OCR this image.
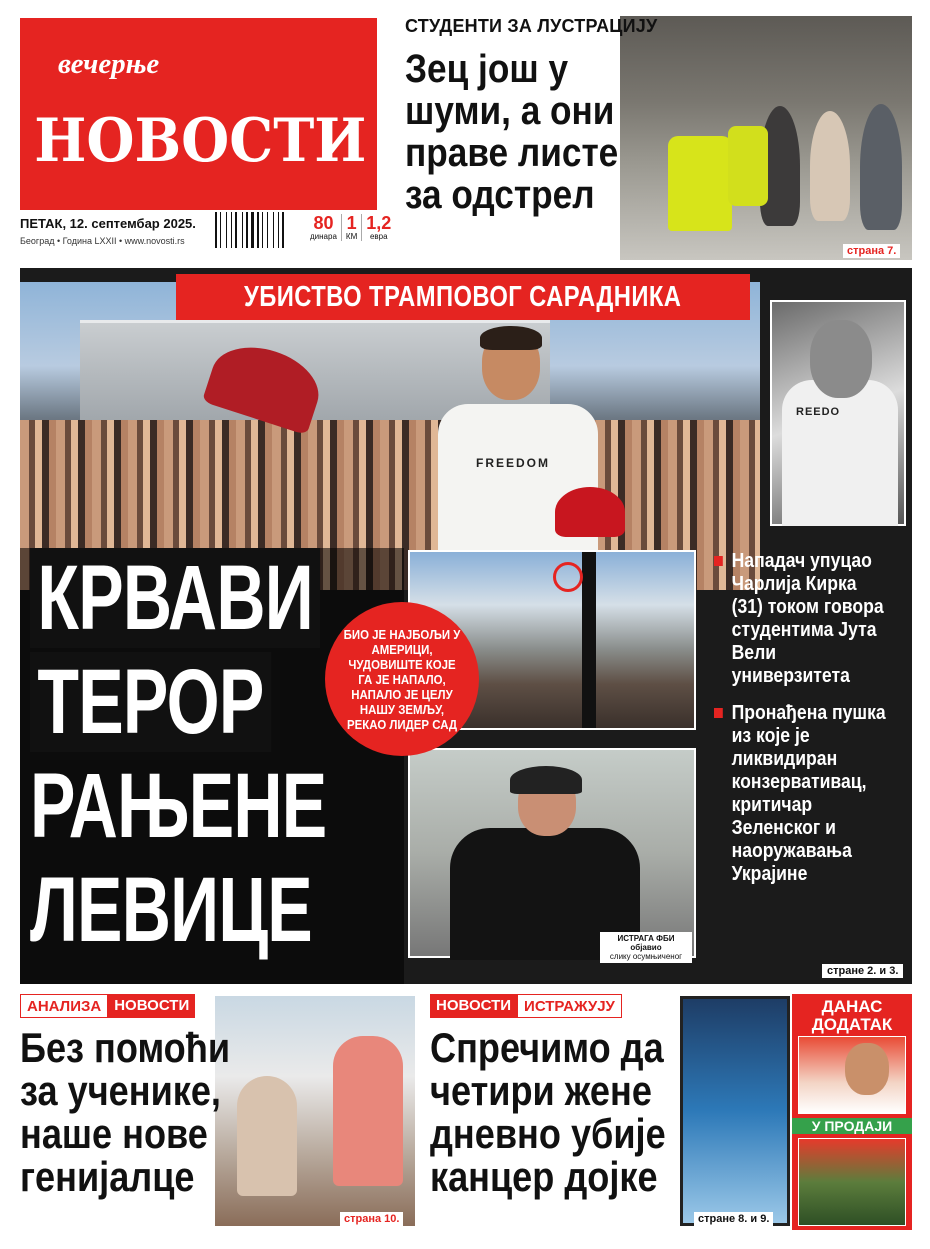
вечерње
НОВОСТИ
ПЕТАК, 12. септембар 2025.
Београд • Година LXXII • www.novosti.rs
80
динара
1
КМ
1,2
евра
СТУДЕНТИ ЗА ЛУСТРАЦИЈУ
Зец још у шуми, а они праве листе за одстрел
страна 7.
FREEDOM
УБИСТВО ТРАМПОВОГ САРАДНИКА
REEDO
КРВАВИ
ТЕРОР
РАЊЕНЕ
ЛЕВИЦЕ	ИСТРАГА ФБИ објавио
слику осумњиченог

БИО ЈЕ НАЈБОЉИ У АМЕРИЦИ, ЧУДОВИШТЕ КОЈЕ ГА ЈЕ НАПАЛО, НАПАЛО ЈЕ ЦЕЛУ НАШУ ЗЕМЉУ, РЕКАО ЛИДЕР САД

Нападач упуцао Чарлија Кирка (31) током говора студентима Јута Вели универзитета
Пронађена пушка из које је ликвидиран конзервативац, критичар Зеленског и наоружавања Украјине
стране 2. и 3.
АНАЛИЗА НОВОСТИ
Без помоћи
за ученике,
наше нове
генијалце
страна 10.
НОВОСТИ ИСТРАЖУЈУ
Спречимо да
четири жене
дневно убије
канцер дојке
стране 8. и 9.
ДАНАС ДОДАТАК
У ПРОДАЈИ
